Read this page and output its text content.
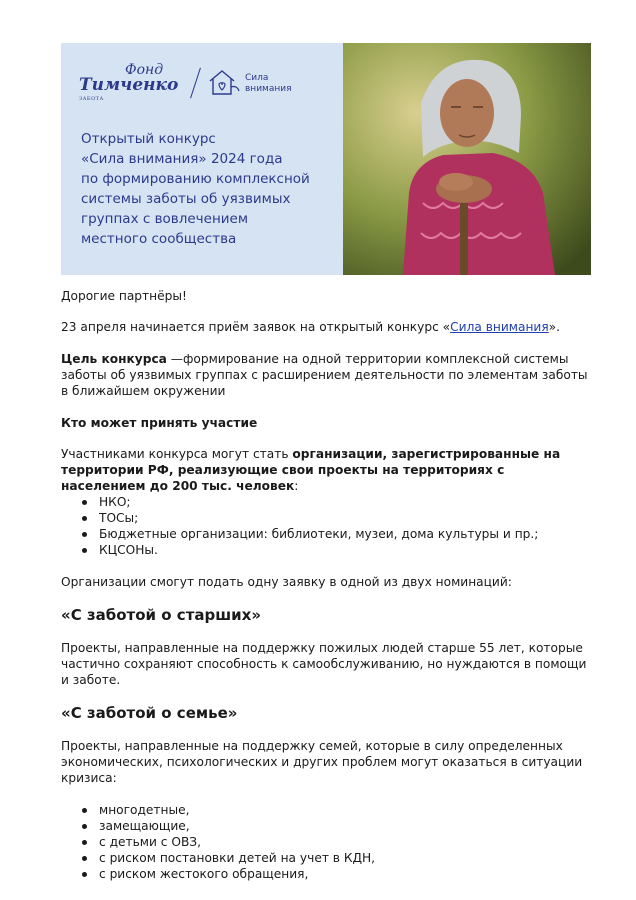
Фонд
Тимченко
ЗАБОТА
Сила
внимания
Открытый конкурс
«Сила внимания» 2024 года
по формированию комплексной
системы заботы об уязвимых
группах с вовлечением
местного сообщества

Дорогие партнёры!

23 апреля начинается приём заявок на открытый конкурс «Сила внимания».

Цель конкурса —формирование на одной территории комплексной системы заботы об уязвимых группах с расширением деятельности по элементам заботы в ближайшем окружении

Кто может принять участие

Участниками конкурса могут стать организации, зарегистрированные на территории РФ, реализующие свои проекты на территориях с населением до 200 тыс. человек:

НКО;
ТОСы;
Бюджетные организации: библиотеки, музеи, дома культуры и пр.;
КЦСОНы.

Организации смогут подать одну заявку в одной из двух номинаций:

«С заботой о старших»

Проекты, направленные на поддержку пожилых людей старше 55 лет, которые частично сохраняют способность к самообслуживанию, но нуждаются в помощи и заботе.

«С заботой о семье»

Проекты, направленные на поддержку семей, которые в силу определенных экономических, психологических и других проблем могут оказаться в ситуации кризиса:

многодетные,
замещающие,
с детьми с ОВЗ,
с риском постановки детей на учет в КДН,
с риском жестокого обращения,
